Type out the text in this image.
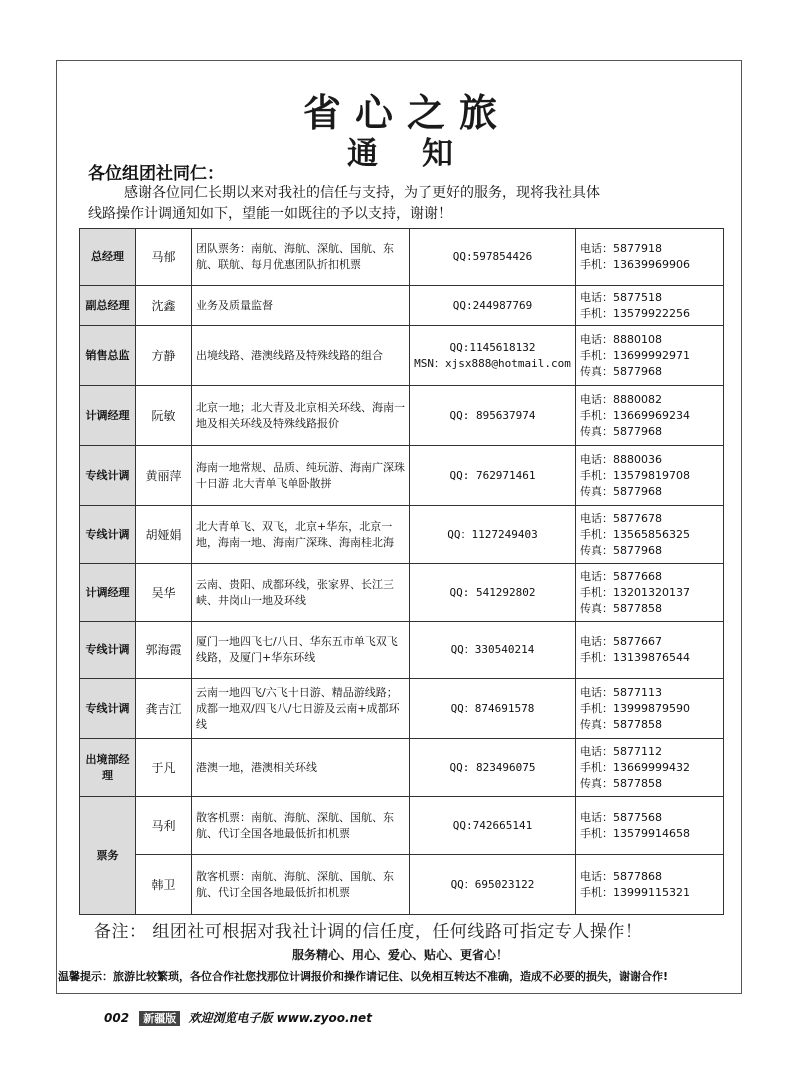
省心之旅
通知
各位组团社同仁：
感谢各位同仁长期以来对我社的信任与支持，为了更好的服务，现将我社具体
线路操作计调通知如下，望能一如既往的予以支持，谢谢！
总经理	马郁	团队票务：南航、海航、深航、国航、东航、联航、每月优惠团队折扣机票	QQ:597854426	电话：5877918
手机：13639969906

副总经理	沈鑫	业务及质量监督	QQ:244987769	电话：5877518
手机：13579922256

销售总监	方静	出境线路、港澳线路及特殊线路的组合	QQ:1145618132
MSN：xjsx888@hotmail.com	电话：8880108
手机：13699992971
传真：5877968

计调经理	阮敏	北京一地；北大青及北京相关环线、海南一地及相关环线及特殊线路报价	QQ: 895637974	电话：8880082
手机：13669969234
传真：5877968

专线计调	黄丽萍	海南一地常规、品质、纯玩游、海南广深珠十日游 北大青单飞单卧散拼	QQ: 762971461	电话：8880036
手机：13579819708
传真：5877968

专线计调	胡娅娟	北大青单飞、双飞，北京+华东，北京一地，海南一地、海南广深珠、海南桂北海	QQ：1127249403	电话：5877678
手机：13565856325
传真：5877968

计调经理	吴华	云南、贵阳、成都环线，张家界、长江三峡、井岗山一地及环线	QQ: 541292802	电话：5877668
手机：13201320137
传真：5877858

专线计调	郭海霞	厦门一地四飞七/八日、华东五市单飞双飞线路，及厦门+华东环线	QQ：330540214	电话：5877667
手机：13139876544

专线计调	龚吉江	云南一地四飞/六飞十日游、精品游线路；成都一地双/四飞八/七日游及云南+成都环线	QQ：874691578	电话：5877113
手机：13999879590
传真：5877858

出境部经理	于凡	港澳一地，港澳相关环线	QQ: 823496075	电话：5877112
手机：13669999432
传真：5877858

票务	马利	散客机票：南航、海航、深航、国航、东航、代订全国各地最低折扣机票	QQ:742665141	电话：5877568
手机：13579914658

	韩卫	散客机票：南航、海航、深航、国航、东航、代订全国各地最低折扣机票	QQ：695023122	电话：5877868
手机：13999115321
备注： 组团社可根据对我社计调的信任度，任何线路可指定专人操作！
服务精心、用心、爱心、贴心、更省心！
温馨提示：旅游比较繁琐，各位合作社您找那位计调报价和操作请记住、以免相互转达不准确，造成不必要的损失，谢谢合作!
002 新疆版 欢迎浏览电子版 www.zyoo.net
